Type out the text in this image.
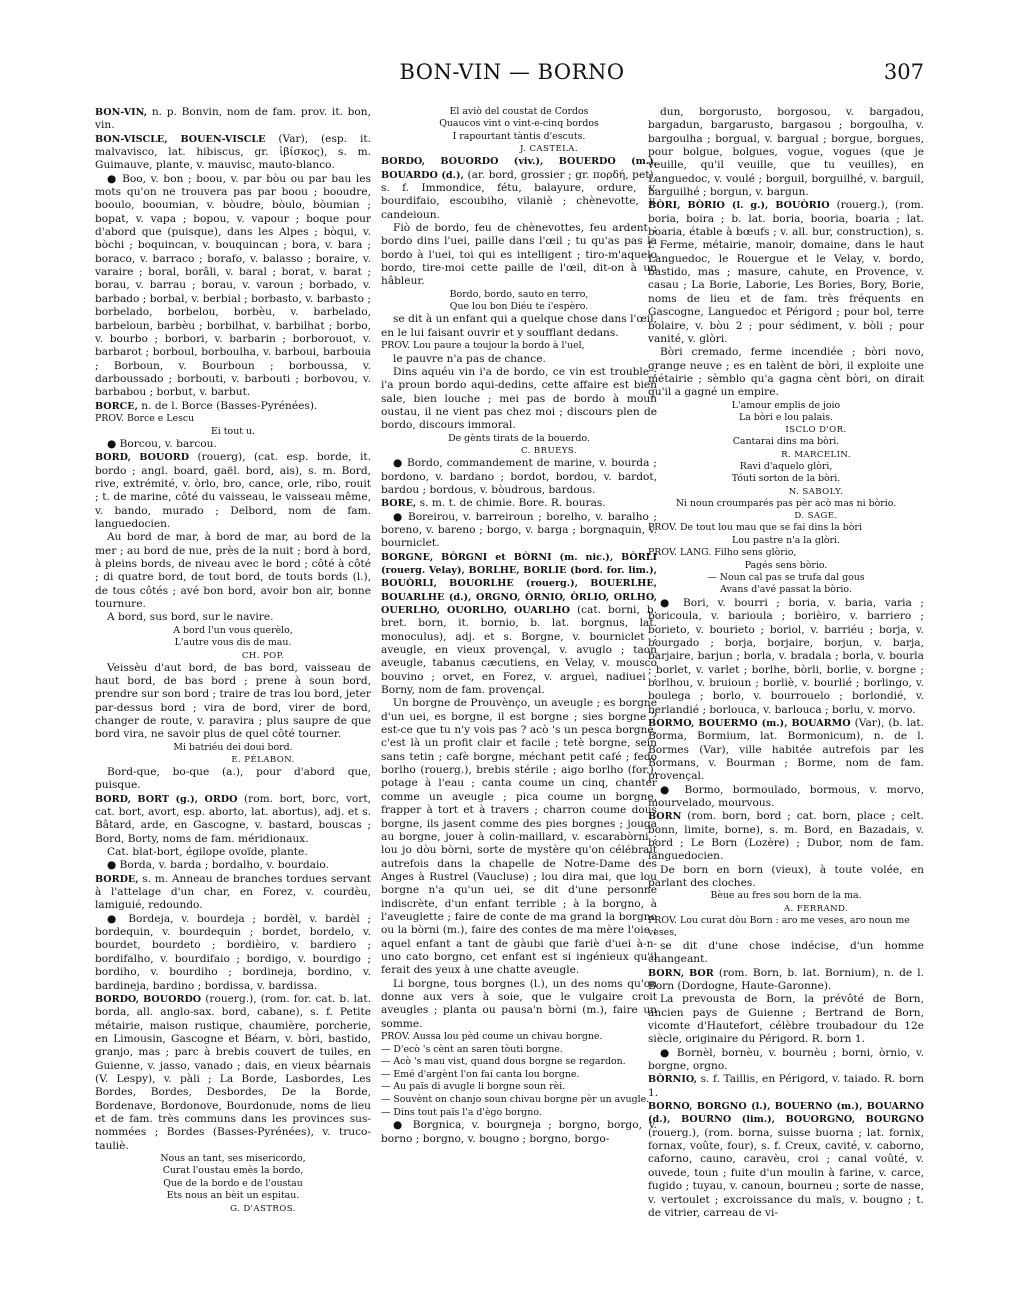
BON-VIN — BORNO	307

BON-VIN, n. p. Bonvin, nom de fam. prov. it. bon, vin.

BON-VISCLE, BOUEN-VISCLE (Var), (esp. it. malvavisco, lat. hibiscus, gr. ἰβίσκος), s. m. Guimauve, plante, v. mauvisc, mauto-blanco.

● Boo, v. bon ; boou, v. par bòu ou par bau les mots qu'on ne trouvera pas par boou ; booudre, booulo, booumian, v. bòudre, bòulo, bòumian ; bopat, v. vapa ; bopou, v. vapour ; boque pour d'abord que (puisque), dans les Alpes ; bòqui, v. bòchi ; boquincan, v. bouquincan ; bora, v. bara ; boraco, v. barraco ; borafo, v. balasso ; boraire, v. varaire ; boral, borâli, v. baral ; borat, v. barat ; borau, v. barrau ; borau, v. varoun ; borbado, v. barbado ; borbal, v. berbial ; borbasto, v. barbasto ; borbelado, borbelou, borbèu, v. barbelado, barbeloun, barbèu ; borbilhat, v. barbilhat ; borbo, v. bourbo ; borbori, v. barbarin ; borborouot, v. barbarot ; borboul, borboulha, v. barboui, barbouia ; Borboun, v. Bourboun ; borboussa, v. darboussado ; borbouti, v. barbouti ; borbovou, v. barbabou ; borbut, v. barbut.

BORCE, n. de l. Borce (Basses-Pyrénées).

PROV. Borce e Lescu

Ei tout u.

● Borcou, v. barcou.

BORD, BOUORD (rouerg), (cat. esp. borde, it. bordo ; angl. board, gaël. bord, ais), s. m. Bord, rive, extrémité, v. òrlo, bro, cance, orle, ribo, rouit ; t. de marine, côté du vaisseau, le vaisseau même, v. bando, murado ; Delbord, nom de fam. languedocien.

Au bord de mar, à bord de mar, au bord de la mer ; au bord de nue, près de la nuit ; bord à bord, à pleins bords, de niveau avec le bord ; côté à côté ; di quatre bord, de tout bord, de touts bords (l.), de tous côtés ; avé bon bord, avoir bon air, bonne tournure.

A bord, sus bord, sur le navire.

A bord l'un vous querèlo,

L'autre vous dis de mau.

CH. POP.

Veissèu d'aut bord, de bas bord, vaisseau de haut bord, de bas bord ; prene à soun bord, prendre sur son bord ; traire de tras lou bord, jeter par-dessus bord ; vira de bord, virer de bord, changer de route, v. paravira ; plus saupre de que bord vira, ne savoir plus de quel côté tourner.

Mi batriéu dei doui bord.

E. PÉLABON.

Bord-que, bo-que (a.), pour d'abord que, puisque.

BORD, BORT (g.), ORDO (rom. bort, borc, vort, cat. bort, avort, esp. aborto, lat. abortus), adj. et s. Bâtard, arde, en Gascogne, v. bastard, bouscas ; Bord, Borty, noms de fam. méridionaux.

Cat. blat-bort, égilope ovoïde, plante.

● Borda, v. barda ; bordalho, v. bourdaio.

BORDE, s. m. Anneau de branches tordues servant à l'attelage d'un char, en Forez, v. courdèu, lamiguié, redoundo.

● Bordeja, v. bourdeja ; bordèl, v. bardèl ; bordequin, v. bourdequin ; bordet, bordelo, v. bourdet, bourdeto ; bordièiro, v. bardiero ; bordifalho, v. bourdifaio ; bordigo, v. bourdigo ; bordiho, v. bourdiho ; bordineja, bordino, v. bardineja, bardino ; bordissa, v. bardissa.

BORDO, BOUORDO (rouerg.), (rom. for. cat. b. lat. borda, all. anglo-sax. bord, cabane), s. f. Petite métairie, maison rustique, chaumière, porcherie, en Limousin, Gascogne et Béarn, v. bòri, bastido, granjo, mas ; parc à brebis couvert de tuiles, en Guienne, v. jasso, vanado ; dais, en vieux béarnais (V. Lespy), v. pàli ; La Borde, Lasbordes, Les Bordes, Bordes, Desbordes, De la Borde, Bordenave, Bordonove, Bourdonude, noms de lieu et de fam. très communs dans les provinces sus-nommées ; Bordes (Basses-Pyrénées), v. truco-tauliè.

Nous an tant, ses misericordo,

Curat l'oustau emès la bordo,

Que de la bordo e de l'oustau

Ets nous an bèit un espitau.

G. D'ASTROS.

El aviò del coustat de Cordos

Quaucos vint o vint-e-cinq bordos

I rapourtant tàntis d'escuts.

J. CASTELA.

BORDO, BOUORDO (viv.), BOUERDO (m.), BOUARDO (d.), (ar. bord, grossier ; gr. πορδή, pet), s. f. Immondice, fétu, balayure, ordure, v. bourdifaio, escoubiho, vilaniè ; chènevotte, v. candeioun.

Fiò de bordo, feu de chènevottes, feu ardent ; bordo dins l'uei, paille dans l'œil ; tu qu'as pas la bordo à l'uei, toi qui es intelligent ; tiro-m'aquelo bordo, tire-moi cette paille de l'œil, dit-on à un hâbleur.

Bordo, bordo, sauto en terro,

Que lou bon Diéu te i'espèro.

se dit à un enfant qui a quelque chose dans l'œil, en le lui faisant ouvrir et y soufflant dedans.

PROV. Lou paure a toujour la bordo à l'uel,

le pauvre n'a pas de chance.

Dins aquéu vin i'a de bordo, ce vin est trouble ; i'a proun bordo aqui-dedins, cette affaire est bien sale, bien louche ; mei pas de bordo à moun oustau, il ne vient pas chez moi ; discours plen de bordo, discours immoral.

De gènts tirats de la bouerdo.

C. BRUEYS.

● Bordo, commandement de marine, v. bourda ; bordono, v. bardano ; bordot, bordou, v. bardot, bardou ; bordous, v. bòudrous, bardous.

BORE, s. m. t. de chimie. Bore. R. bouras.

● Boreirou, v. barreiroun ; borelho, v. baralho ; boreno, v. bareno ; borgo, v. barga ; borgnaquin, v. bourniclet.

BORGNE, BÒRGNI et BÒRNI (m. nic.), BÒRLI (rouerg. Velay), BORLHE, BORLIE (bord. for. lim.), BOUÒRLI, BOUORLHE (rouerg.), BOUERLHE, BOUARLHE (d.), ORGNO, ÒRNIO, ÒRLIO, ORLHO, OUERLHO, OUORLHO, OUARLHO (cat. borni, b. bret. born, it. bornio, b. lat. borgnus, lat. monoculus), adj. et s. Borgne, v. bourniclet ; aveugle, en vieux provençal, v. avuglo ; taon aveugle, tabanus cæcutiens, en Velay, v. mousco bouvino ; orvet, en Forez, v. argueì, nadiuei ; Borny, nom de fam. provençal.

Un borgne de Prouvènço, un aveugle ; es borgne d'un uei, es borgne, il est borgne ; sies borgne ? est-ce que tu n'y vois pas ? acò 's un pesca borgne, c'est là un profit clair et facile ; tetè borgne, sein sans tetin ; cafè borgne, méchant petit café ; fedo borlho (rouerg.), brebis stérile ; aigo borlho (for.), potage à l'eau ; canta coume un cinq, chanter comme un aveugle ; pica coume un borgne, frapper à tort et à travers ; charron coume dous borgne, ils jasent comme des pies borgnes ; jouga au borgne, jouer à colin-maillard, v. escarabòrni ; lou jo dòu bòrni, sorte de mystère qu'on célébrait autrefois dans la chapelle de Notre-Dame des Anges à Rustrel (Vaucluse) ; lou dira mai, que lou borgne n'a qu'un uei, se dit d'une personne indiscrète, d'un enfant terrible ; à la borgno, à l'aveuglette ; faire de conte de ma grand la borgno ou la bòrni (m.), faire des contes de ma mère l'oie ; aquel enfant a tant de gàubi que fariè d'uei à-n-uno cato borgno, cet enfant est si ingénieux qu'il ferait des yeux à une chatte aveugle.

Li borgne, tous borgnes (l.), un des noms qu'on donne aux vers à soie, que le vulgaire croit aveugles ; planta ou pausa'n bòrni (m.), faire un somme.

PROV. Aussa lou pèd coume un chivau borgne.

— D'ecò 's cènt an saren tòuti borgne.

— Acò 's mau vist, quand dous borgne se regardon.

— Emé d'argènt l'on fai canta lou borgne.

— Au païs di avugle li borgne soun rèi.

— Souvènt on chanjo soun chivau borgne pèr un avugle.

— Dins tout païs l'a d'ègo borgno.

● Borgnica, v. bourgneja ; borgno, borgo, v. borno ; borgno, v. bougno ; borgno, borgo-

dun, borgorusto, borgosou, v. bargadou, bargadun, bargarusto, bargasou ; borgoulha, v. bargoulha ; borgual, v. bargual ; borgue, borgues, pour bolgue, bolgues, vogue, vogues (que je veuille, qu'il veuille, que tu veuilles), en Languedoc, v. voulé ; borguil, borguilhé, v. barguil, barguilhé ; borgun, v. bargun.

BÒRI, BÒRIO (l. g.), BOUÒRIO (rouerg.), (rom. boria, boira ; b. lat. boria, booria, boaria ; lat. boaria, étable à bœufs ; v. all. bur, construction), s. f. Ferme, métairie, manoir, domaine, dans le haut Languedoc, le Rouergue et le Velay, v. bordo, bastido, mas ; masure, cahute, en Provence, v. casau ; La Borie, Laborie, Les Bories, Bory, Borie, noms de lieu et de fam. très fréquents en Gascogne, Languedoc et Périgord ; pour bol, terre bolaire, v. bòu 2 ; pour sédiment, v. bòli ; pour vanité, v. glòri.

Bòri cremado, ferme incendiée ; bòri novo, grange neuve ; es en talènt de bòri, il exploite une métairie ; sèmblo qu'a gagna cènt bòri, on dirait qu'il a gagné un empire.

L'amour emplis de joio

La bòri e lou palais.

ISCLO D'OR.

Cantarai dins ma bòri.

R. MARCELIN.

Ravi d'aquelo glòri,

Tóuti sorton de la bòri.

N. SABOLY.

Ni noun croumparés pas pèr acò mas ni bòrio.

D. SAGE.

PROV. De tout lou mau que se fai dins la bòri

Lou pastre n'a la glòri.

PROV. LANG. Filho sens glòrio,

Pagés sens bòrio.

— Noun cal pas se trufa dal gous

Avans d'avé passat la bòrio.

● Bori, v. bourri ; boria, v. baria, varia ; boricoula, v. barioula ; borièiro, v. barriero ; borieto, v. bourieto ; boriol, v. barriéu ; borja, v. bourgado ; borja, borjaire, borjun, v. barja, barjaire, barjun ; borla, v. bradala ; borla, v. bourla ; borlet, v. varlet ; borlhe, bòrli, borlie, v. borgne ; borlhou, v. bruioun ; borliè, v. bourlié ; borlingo, v. boulega ; borlo, v. bourrouelo ; borlondié, v. berlandié ; borlouca, v. barlouca ; borlu, v. morvo.

BORMO, BOUERMO (m.), BOUARMO (Var), (b. lat. Borma, Bormium, lat. Bormonicum), n. de l. Bormes (Var), ville habitée autrefois par les Bormans, v. Bourman ; Borme, nom de fam. provençal.

● Bormo, bormoulado, bormous, v. morvo, mourvelado, mourvous.

BORN (rom. born, bord ; cat. born, place ; celt. bonn, limite, borne), s. m. Bord, en Bazadais, v. bord ; Le Born (Lozère) ; Dubor, nom de fam. languedocien.

De born en born (vieux), à toute volée, en parlant des cloches.

Bèue au fres sou born de la ma.

A. FERRAND.

PROV. Lou curat dòu Born : aro me veses, aro noun me veses,

se dit d'une chose indécise, d'un homme changeant.

BORN, BOR (rom. Born, b. lat. Bornium), n. de l. Born (Dordogne, Haute-Garonne).

La prevousta de Born, la prévôté de Born, ancien pays de Guienne ; Bertrand de Born, vicomte d'Hautefort, célèbre troubadour du 12e siècle, originaire du Périgord. R. born 1.

● Bornèl, bornèu, v. bournèu ; borni, òrnio, v. borgne, orgno.

BÒRNIO, s. f. Taillis, en Périgord, v. taiado. R. born 1.

BORNO, BORGNO (l.), BOUERNO (m.), BOUARNO (d.), BOURNO (lim.), BOUORGNO, BOURGNO (rouerg.), (rom. borna, suisse buorna ; lat. fornix, fornax, voûte, four), s. f. Creux, cavité, v. caborno, caforno, cauno, caravèu, croi ; canal voûté, v. ouvede, toun ; fuite d'un moulin à farine, v. carce, fugido ; tuyau, v. canoun, bourneu ; sorte de nasse, v. vertoulet ; excroissance du maïs, v. bougno ; t. de vitrier, carreau de vi-
